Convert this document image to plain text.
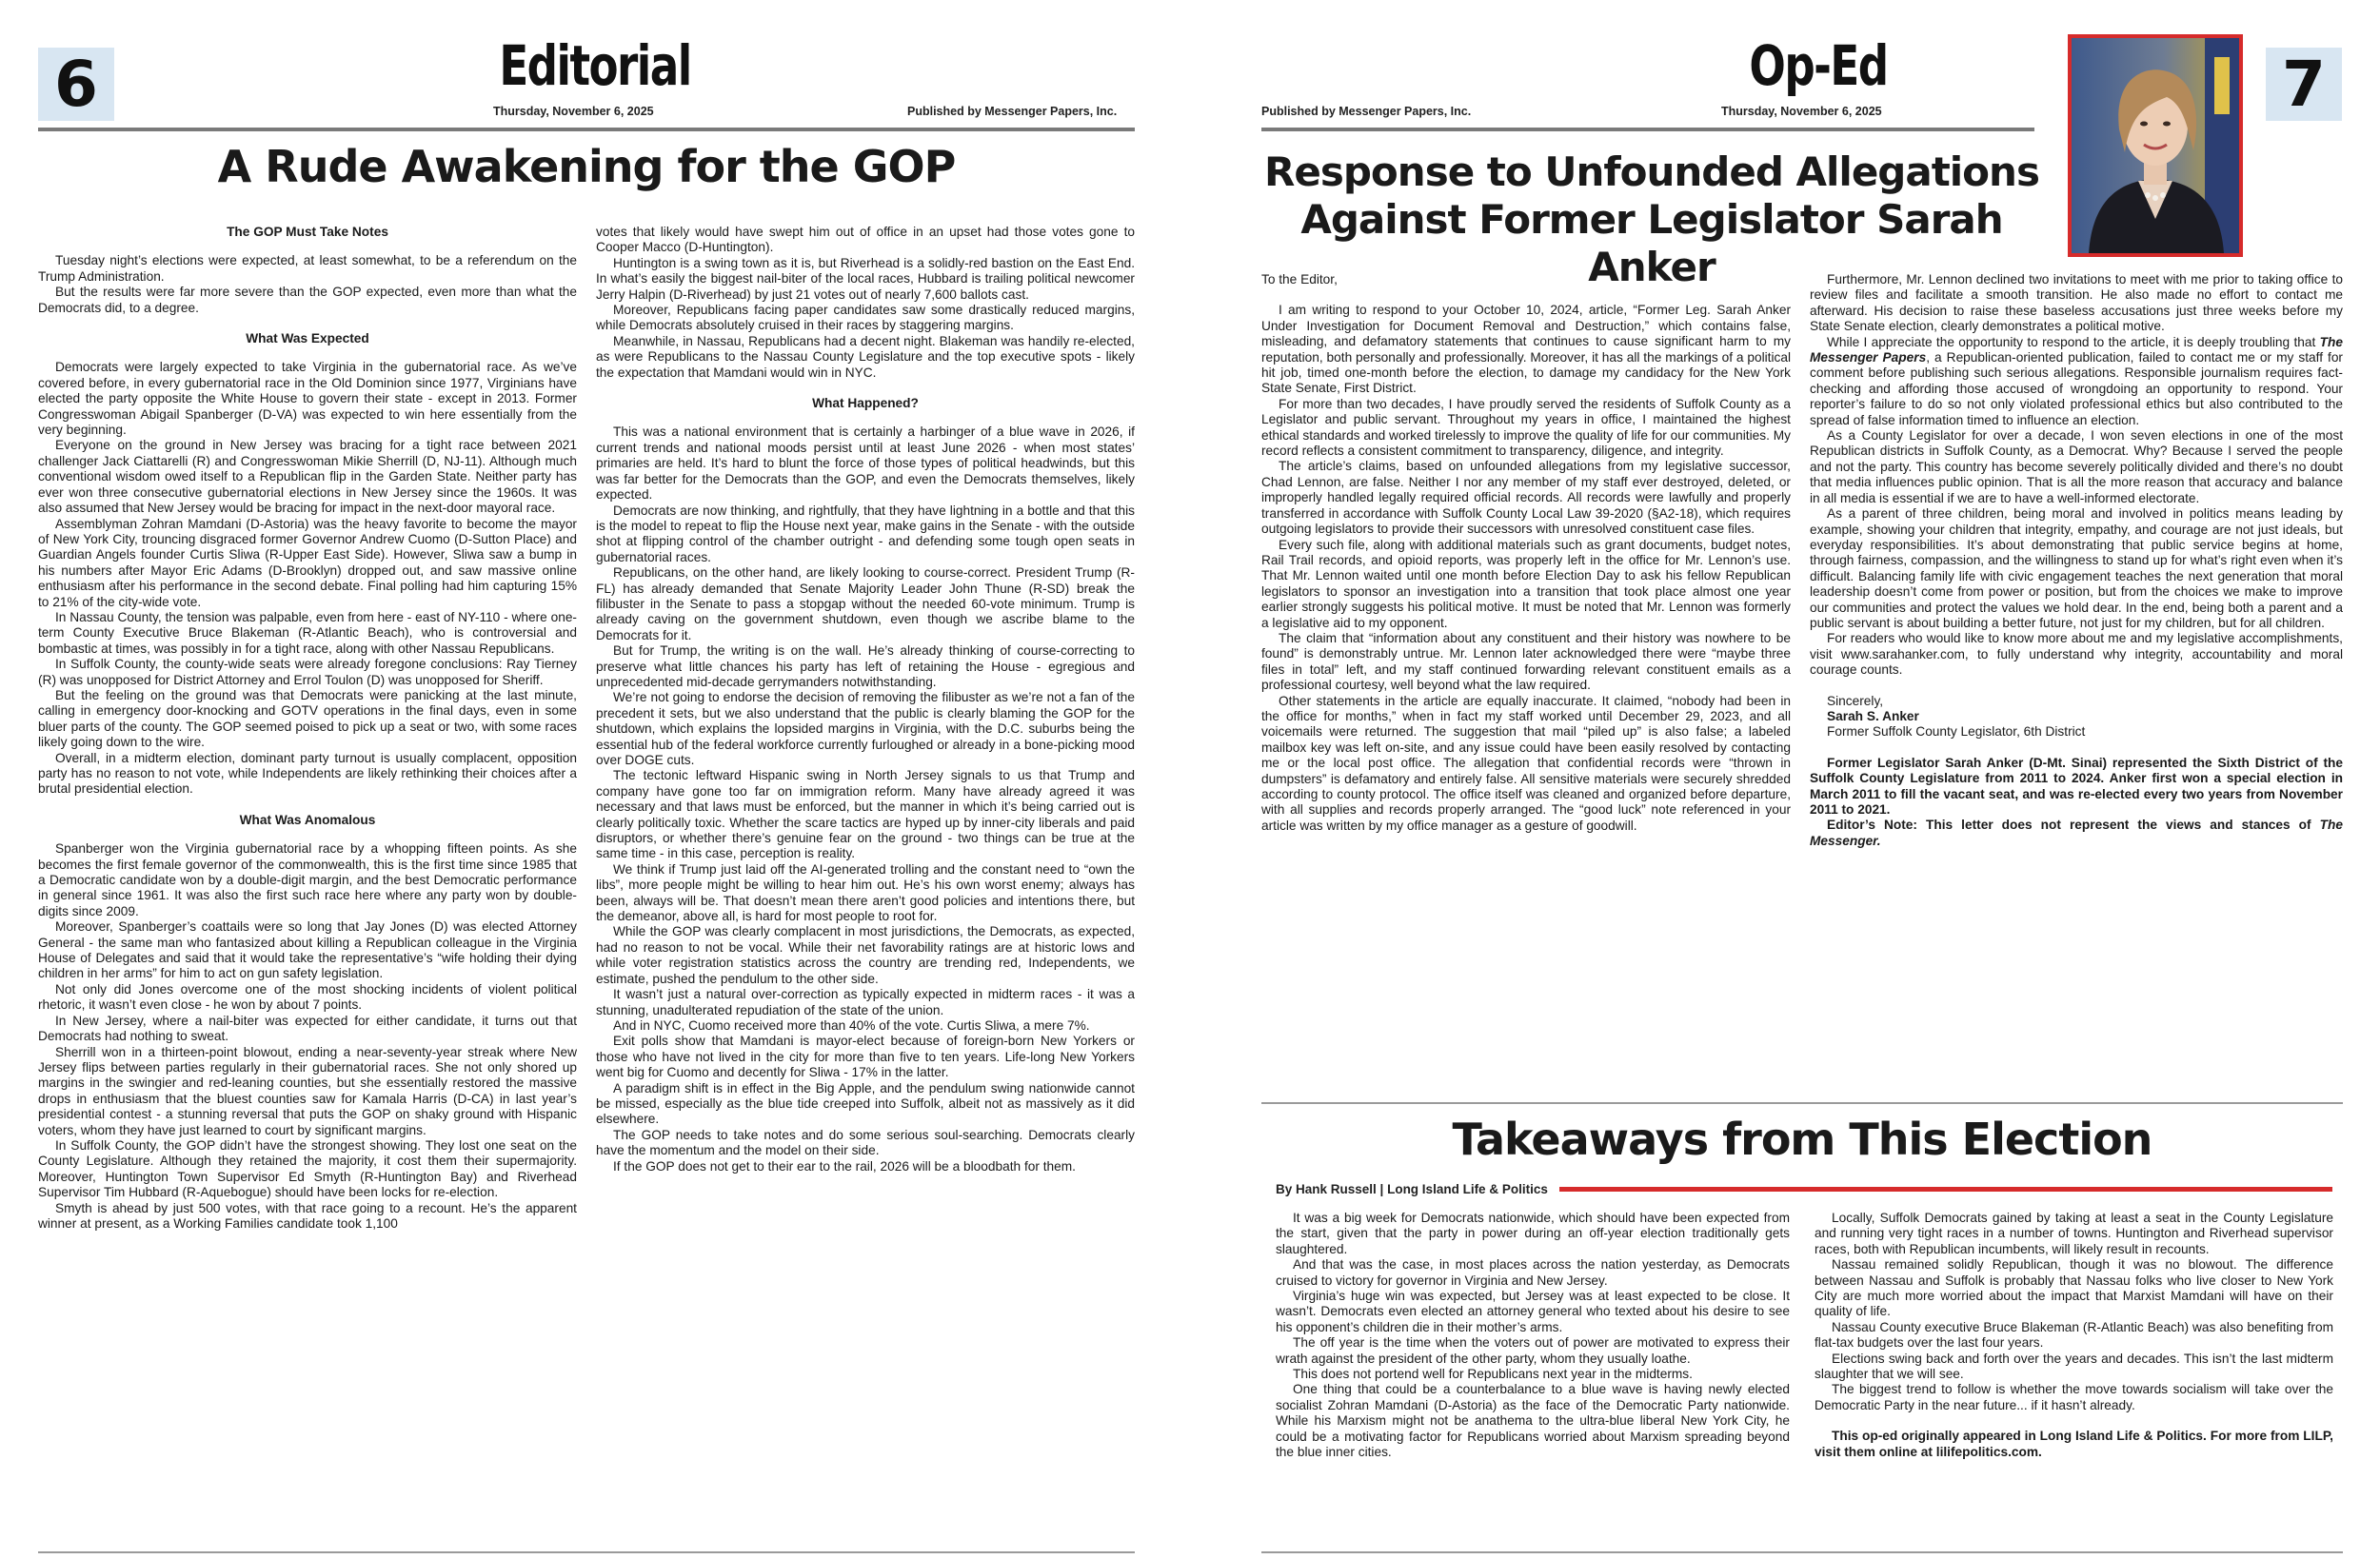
6	Editorial
Thursday, November 6, 2025	Published by Messenger Papers, Inc.
A Rude Awakening for the GOP

The GOP Must Take Notes

Tuesday night’s elections were expected, at least somewhat, to be a referendum on the Trump Administration.

But the results were far more severe than the GOP expected, even more than what the Democrats did, to a degree.

What Was Expected

Democrats were largely expected to take Virginia in the gubernatorial race. As we’ve covered before, in every gubernatorial race in the Old Dominion since 1977, Virginians have elected the party opposite the White House to govern their state - except in 2013. Former Congresswoman Abigail Spanberger (D-VA) was expected to win here essentially from the very beginning.

Everyone on the ground in New Jersey was bracing for a tight race between 2021 challenger Jack Ciattarelli (R) and Congresswoman Mikie Sherrill (D, NJ-11). Although much conventional wisdom owed itself to a Republican flip in the Garden State. Neither party has ever won three consecutive gubernatorial elections in New Jersey since the 1960s. It was also assumed that New Jersey would be bracing for impact in the next-door mayoral race.

Assemblyman Zohran Mamdani (D-Astoria) was the heavy favorite to become the mayor of New York City, trouncing disgraced former Governor Andrew Cuomo (D-Sutton Place) and Guardian Angels founder Curtis Sliwa (R-Upper East Side). However, Sliwa saw a bump in his numbers after Mayor Eric Adams (D-Brooklyn) dropped out, and saw massive online enthusiasm after his performance in the second debate. Final polling had him capturing 15% to 21% of the city-wide vote.

In Nassau County, the tension was palpable, even from here - east of NY-110 - where one-term County Executive Bruce Blakeman (R-Atlantic Beach), who is controversial and bombastic at times, was possibly in for a tight race, along with other Nassau Republicans.

In Suffolk County, the county-wide seats were already foregone conclusions: Ray Tierney (R) was unopposed for District Attorney and Errol Toulon (D) was unopposed for Sheriff.

But the feeling on the ground was that Democrats were panicking at the last minute, calling in emergency door-knocking and GOTV operations in the final days, even in some bluer parts of the county. The GOP seemed poised to pick up a seat or two, with some races likely going down to the wire.

Overall, in a midterm election, dominant party turnout is usually complacent, opposition party has no reason to not vote, while Independents are likely rethinking their choices after a brutal presidential election.

What Was Anomalous

Spanberger won the Virginia gubernatorial race by a whopping fifteen points. As she becomes the first female governor of the commonwealth, this is the first time since 1985 that a Democratic candidate won by a double-digit margin, and the best Democratic performance in general since 1961. It was also the first such race here where any party won by double-digits since 2009.

Moreover, Spanberger’s coattails were so long that Jay Jones (D) was elected Attorney General - the same man who fantasized about killing a Republican colleague in the Virginia House of Delegates and said that it would take the representative’s “wife holding their dying children in her arms” for him to act on gun safety legislation.

Not only did Jones overcome one of the most shocking incidents of violent political rhetoric, it wasn’t even close - he won by about 7 points.

In New Jersey, where a nail-biter was expected for either candidate, it turns out that Democrats had nothing to sweat.

Sherrill won in a thirteen-point blowout, ending a near-seventy-year streak where New Jersey flips between parties regularly in their gubernatorial races. She not only shored up margins in the swingier and red-leaning counties, but she essentially restored the massive drops in enthusiasm that the bluest counties saw for Kamala Harris (D-CA) in last year’s presidential contest - a stunning reversal that puts the GOP on shaky ground with Hispanic voters, whom they have just learned to court by significant margins.

In Suffolk County, the GOP didn’t have the strongest showing. They lost one seat on the County Legislature. Although they retained the majority, it cost them their supermajority. Moreover, Huntington Town Supervisor Ed Smyth (R-Huntington Bay) and Riverhead Supervisor Tim Hubbard (R-Aquebogue) should have been locks for re-election.

Smyth is ahead by just 500 votes, with that race going to a recount. He’s the apparent winner at present, as a Working Families candidate took 1,100

votes that likely would have swept him out of office in an upset had those votes gone to Cooper Macco (D-Huntington).

Huntington is a swing town as it is, but Riverhead is a solidly-red bastion on the East End. In what’s easily the biggest nail-biter of the local races, Hubbard is trailing political newcomer Jerry Halpin (D-Riverhead) by just 21 votes out of nearly 7,600 ballots cast.

Moreover, Republicans facing paper candidates saw some drastically reduced margins, while Democrats absolutely cruised in their races by staggering margins.

Meanwhile, in Nassau, Republicans had a decent night. Blakeman was handily re-elected, as were Republicans to the Nassau County Legislature and the top executive spots - likely the expectation that Mamdani would win in NYC.

What Happened?

This was a national environment that is certainly a harbinger of a blue wave in 2026, if current trends and national moods persist until at least June 2026 - when most states’ primaries are held. It’s hard to blunt the force of those types of political headwinds, but this was far better for the Democrats than the GOP, and even the Democrats themselves, likely expected.

Democrats are now thinking, and rightfully, that they have lightning in a bottle and that this is the model to repeat to flip the House next year, make gains in the Senate - with the outside shot at flipping control of the chamber outright - and defending some tough open seats in gubernatorial races.

Republicans, on the other hand, are likely looking to course-correct. President Trump (R-FL) has already demanded that Senate Majority Leader John Thune (R-SD) break the filibuster in the Senate to pass a stopgap without the needed 60-vote minimum. Trump is already caving on the government shutdown, even though we ascribe blame to the Democrats for it.

But for Trump, the writing is on the wall. He’s already thinking of course-correcting to preserve what little chances his party has left of retaining the House - egregious and unprecedented mid-decade gerrymanders notwithstanding.

We’re not going to endorse the decision of removing the filibuster as we’re not a fan of the precedent it sets, but we also understand that the public is clearly blaming the GOP for the shutdown, which explains the lopsided margins in Virginia, with the D.C. suburbs being the essential hub of the federal workforce currently furloughed or already in a bone-picking mood over DOGE cuts.

The tectonic leftward Hispanic swing in North Jersey signals to us that Trump and company have gone too far on immigration reform. Many have already agreed it was necessary and that laws must be enforced, but the manner in which it’s being carried out is clearly politically toxic. Whether the scare tactics are hyped up by inner-city liberals and paid disruptors, or whether there’s genuine fear on the ground - two things can be true at the same time - in this case, perception is reality.

We think if Trump just laid off the AI-generated trolling and the constant need to “own the libs”, more people might be willing to hear him out. He’s his own worst enemy; always has been, always will be. That doesn’t mean there aren’t good policies and intentions there, but the demeanor, above all, is hard for most people to root for.

While the GOP was clearly complacent in most jurisdictions, the Democrats, as expected, had no reason to not be vocal. While their net favorability ratings are at historic lows and while voter registration statistics across the country are trending red, Independents, we estimate, pushed the pendulum to the other side.

It wasn’t just a natural over-correction as typically expected in midterm races - it was a stunning, unadulterated repudiation of the state of the union.

And in NYC, Cuomo received more than 40% of the vote. Curtis Sliwa, a mere 7%.

Exit polls show that Mamdani is mayor-elect because of foreign-born New Yorkers or those who have not lived in the city for more than five to ten years. Life-long New Yorkers went big for Cuomo and decently for Sliwa - 17% in the latter.

A paradigm shift is in effect in the Big Apple, and the pendulum swing nationwide cannot be missed, especially as the blue tide creeped into Suffolk, albeit not as massively as it did elsewhere.

The GOP needs to take notes and do some serious soul-searching. Democrats clearly have the momentum and the model on their side.

If the GOP does not get to their ear to the rail, 2026 will be a bloodbath for them.

Op-Ed
Published by Messenger Papers, Inc.	Thursday, November 6, 2025	7
Response to Unfounded Allegations
Against Former Legislator Sarah Anker

To the Editor,

I am writing to respond to your October 10, 2024, article, “Former Leg. Sarah Anker Under Investigation for Document Removal and Destruction,” which contains false, misleading, and defamatory statements that continues to cause significant harm to my reputation, both personally and professionally. Moreover, it has all the markings of a political hit job, timed one-month before the election, to damage my candidacy for the New York State Senate, First District.

For more than two decades, I have proudly served the residents of Suffolk County as a Legislator and public servant. Throughout my years in office, I maintained the highest ethical standards and worked tirelessly to improve the quality of life for our communities. My record reflects a consistent commitment to transparency, diligence, and integrity.

The article’s claims, based on unfounded allegations from my legislative successor, Chad Lennon, are false. Neither I nor any member of my staff ever destroyed, deleted, or improperly handled legally required official records. All records were lawfully and properly transferred in accordance with Suffolk County Local Law 39-2020 (§A2-18), which requires outgoing legislators to provide their successors with unresolved constituent case files.

Every such file, along with additional materials such as grant documents, budget notes, Rail Trail records, and opioid reports, was properly left in the office for Mr. Lennon’s use. That Mr. Lennon waited until one month before Election Day to ask his fellow Republican legislators to sponsor an investigation into a transition that took place almost one year earlier strongly suggests his political motive. It must be noted that Mr. Lennon was formerly a legislative aid to my opponent.

The claim that “information about any constituent and their history was nowhere to be found” is demonstrably untrue. Mr. Lennon later acknowledged there were “maybe three files in total” left, and my staff continued forwarding relevant constituent emails as a professional courtesy, well beyond what the law required.

Other statements in the article are equally inaccurate. It claimed, “nobody had been in the office for months,” when in fact my staff worked until December 29, 2023, and all voicemails were returned. The suggestion that mail “piled up” is also false; a labeled mailbox key was left on-site, and any issue could have been easily resolved by contacting me or the local post office. The allegation that confidential records were “thrown in dumpsters” is defamatory and entirely false. All sensitive materials were securely shredded according to county protocol. The office itself was cleaned and organized before departure, with all supplies and records properly arranged. The “good luck” note referenced in your article was written by my office manager as a gesture of goodwill.

Furthermore, Mr. Lennon declined two invitations to meet with me prior to taking office to review files and facilitate a smooth transition. He also made no effort to contact me afterward. His decision to raise these baseless accusations just three weeks before my State Senate election, clearly demonstrates a political motive.

While I appreciate the opportunity to respond to the article, it is deeply troubling that The Messenger Papers, a Republican-oriented publication, failed to contact me or my staff for comment before publishing such serious allegations. Responsible journalism requires fact-checking and affording those accused of wrongdoing an opportunity to respond. Your reporter’s failure to do so not only violated professional ethics but also contributed to the spread of false information timed to influence an election.

As a County Legislator for over a decade, I won seven elections in one of the most Republican districts in Suffolk County, as a Democrat. Why? Because I served the people and not the party. This country has become severely politically divided and there’s no doubt that media influences public opinion. That is all the more reason that accuracy and balance in all media is essential if we are to have a well-informed electorate.

As a parent of three children, being moral and involved in politics means leading by example, showing your children that integrity, empathy, and courage are not just ideals, but everyday responsibilities. It’s about demonstrating that public service begins at home, through fairness, compassion, and the willingness to stand up for what’s right even when it’s difficult. Balancing family life with civic engagement teaches the next generation that moral leadership doesn’t come from power or position, but from the choices we make to improve our communities and protect the values we hold dear. In the end, being both a parent and a public servant is about building a better future, not just for my children, but for all children.

For readers who would like to know more about me and my legislative accomplishments, visit www.sarahanker.com, to fully understand why integrity, accountability and moral courage counts.

Sincerely,

Sarah S. Anker

Former Suffolk County Legislator, 6th District

Former Legislator Sarah Anker (D-Mt. Sinai) represented the Sixth District of the Suffolk County Legislature from 2011 to 2024. Anker first won a special election in March 2011 to fill the vacant seat, and was re-elected every two years from November 2011 to 2021.

Editor’s Note: This letter does not represent the views and stances of The Messenger.

Takeaways from This Election
By Hank Russell | Long Island Life & Politics

It was a big week for Democrats nationwide, which should have been expected from the start, given that the party in power during an off-year election traditionally gets slaughtered.

And that was the case, in most places across the nation yesterday, as Democrats cruised to victory for governor in Virginia and New Jersey.

Virginia’s huge win was expected, but Jersey was at least expected to be close. It wasn’t. Democrats even elected an attorney general who texted about his desire to see his opponent’s children die in their mother’s arms.

The off year is the time when the voters out of power are motivated to express their wrath against the president of the other party, whom they usually loathe.

This does not portend well for Republicans next year in the midterms.

One thing that could be a counterbalance to a blue wave is having newly elected socialist Zohran Mamdani (D-Astoria) as the face of the Democratic Party nationwide. While his Marxism might not be anathema to the ultra-blue liberal New York City, he could be a motivating factor for Republicans worried about Marxism spreading beyond the blue inner cities.

Locally, Suffolk Democrats gained by taking at least a seat in the County Legislature and running very tight races in a number of towns. Huntington and Riverhead supervisor races, both with Republican incumbents, will likely result in recounts.

Nassau remained solidly Republican, though it was no blowout. The difference between Nassau and Suffolk is probably that Nassau folks who live closer to New York City are much more worried about the impact that Marxist Mamdani will have on their quality of life.

Nassau County executive Bruce Blakeman (R-Atlantic Beach) was also benefiting from flat-tax budgets over the last four years.

Elections swing back and forth over the years and decades. This isn’t the last midterm slaughter that we will see.

The biggest trend to follow is whether the move towards socialism will take over the Democratic Party in the near future... if it hasn’t already.

This op-ed originally appeared in Long Island Life & Politics. For more from LILP, visit them online at lilifepolitics.com.
